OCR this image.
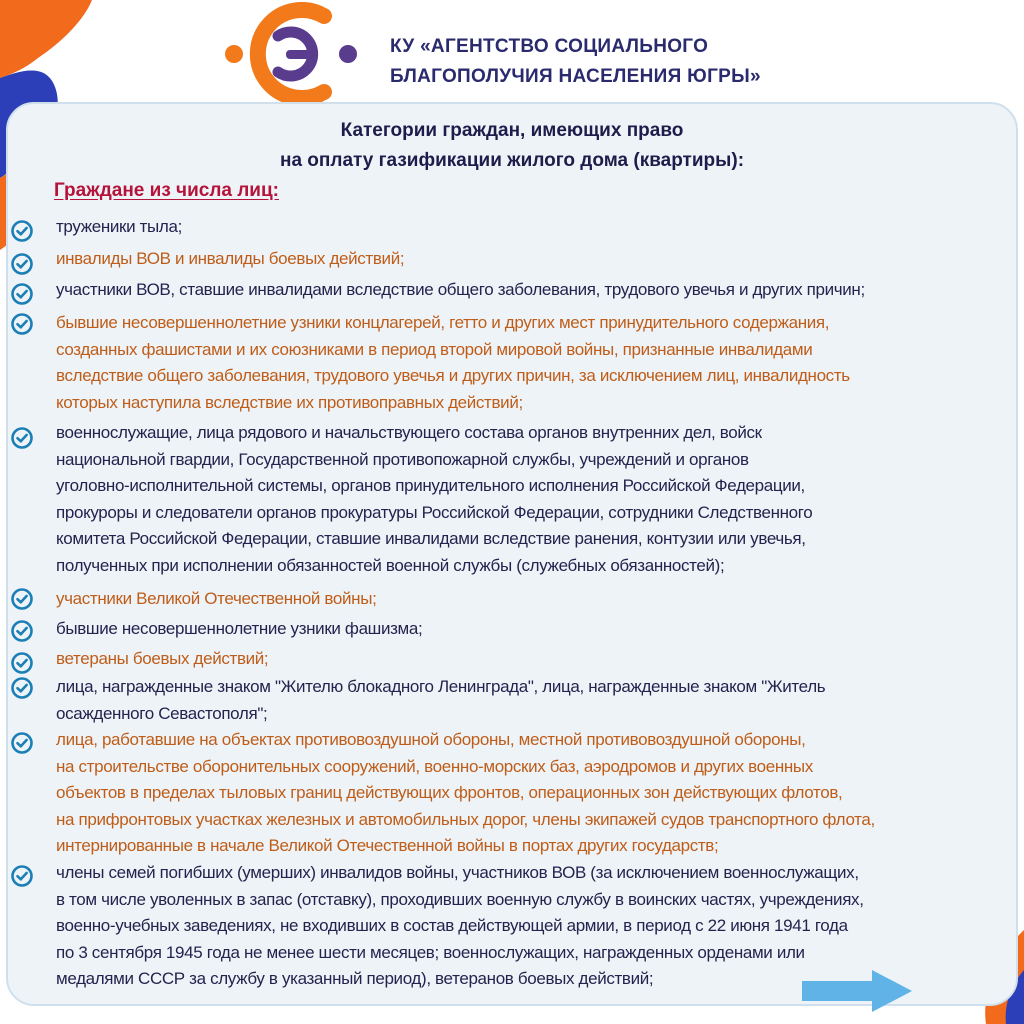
КУ «АГЕНТСТВО СОЦИАЛЬНОГО
БЛАГОПОЛУЧИЯ НАСЕЛЕНИЯ ЮГРЫ»
Категории граждан, имеющих право
на оплату газификации жилого дома (квартиры):
Граждане из числа лиц:
труженики тыла;
инвалиды ВОВ и инвалиды боевых действий;
участники ВОВ, ставшие инвалидами вследствие общего заболевания, трудового увечья и других причин;
бывшие несовершеннолетние узники концлагерей, гетто и других мест принудительного содержания,
созданных фашистами и их союзниками в период второй мировой войны, признанные инвалидами
вследствие общего заболевания, трудового увечья и других причин, за исключением лиц, инвалидность
которых наступила вследствие их противоправных действий;
военнослужащие, лица рядового и начальствующего состава органов внутренних дел, войск
национальной гвардии, Государственной противопожарной службы, учреждений и органов
уголовно-исполнительной системы, органов принудительного исполнения Российской Федерации,
прокуроры и следователи органов прокуратуры Российской Федерации, сотрудники Следственного
комитета Российской Федерации, ставшие инвалидами вследствие ранения, контузии или увечья,
полученных при исполнении обязанностей военной службы (служебных обязанностей);
участники Великой Отечественной войны;
бывшие несовершеннолетние узники фашизма;
ветераны боевых действий;
лица, награжденные знаком "Жителю блокадного Ленинграда", лица, награжденные знаком "Житель
осажденного Севастополя";
лица, работавшие на объектах противовоздушной обороны, местной противовоздушной обороны,
на строительстве оборонительных сооружений, военно-морских баз, аэродромов и других военных
объектов в пределах тыловых границ действующих фронтов, операционных зон действующих флотов,
на прифронтовых участках железных и автомобильных дорог, члены экипажей судов транспортного флота,
интернированные в начале Великой Отечественной войны в портах других государств;
члены семей погибших (умерших) инвалидов войны, участников ВОВ (за исключением военнослужащих,
в том числе уволенных в запас (отставку), проходивших военную службу в воинских частях, учреждениях,
военно-учебных заведениях, не входивших в состав действующей армии, в период с 22 июня 1941 года
по 3 сентября 1945 года не менее шести месяцев; военнослужащих, награжденных орденами или
медалями СССР за службу в указанный период), ветеранов боевых действий;
